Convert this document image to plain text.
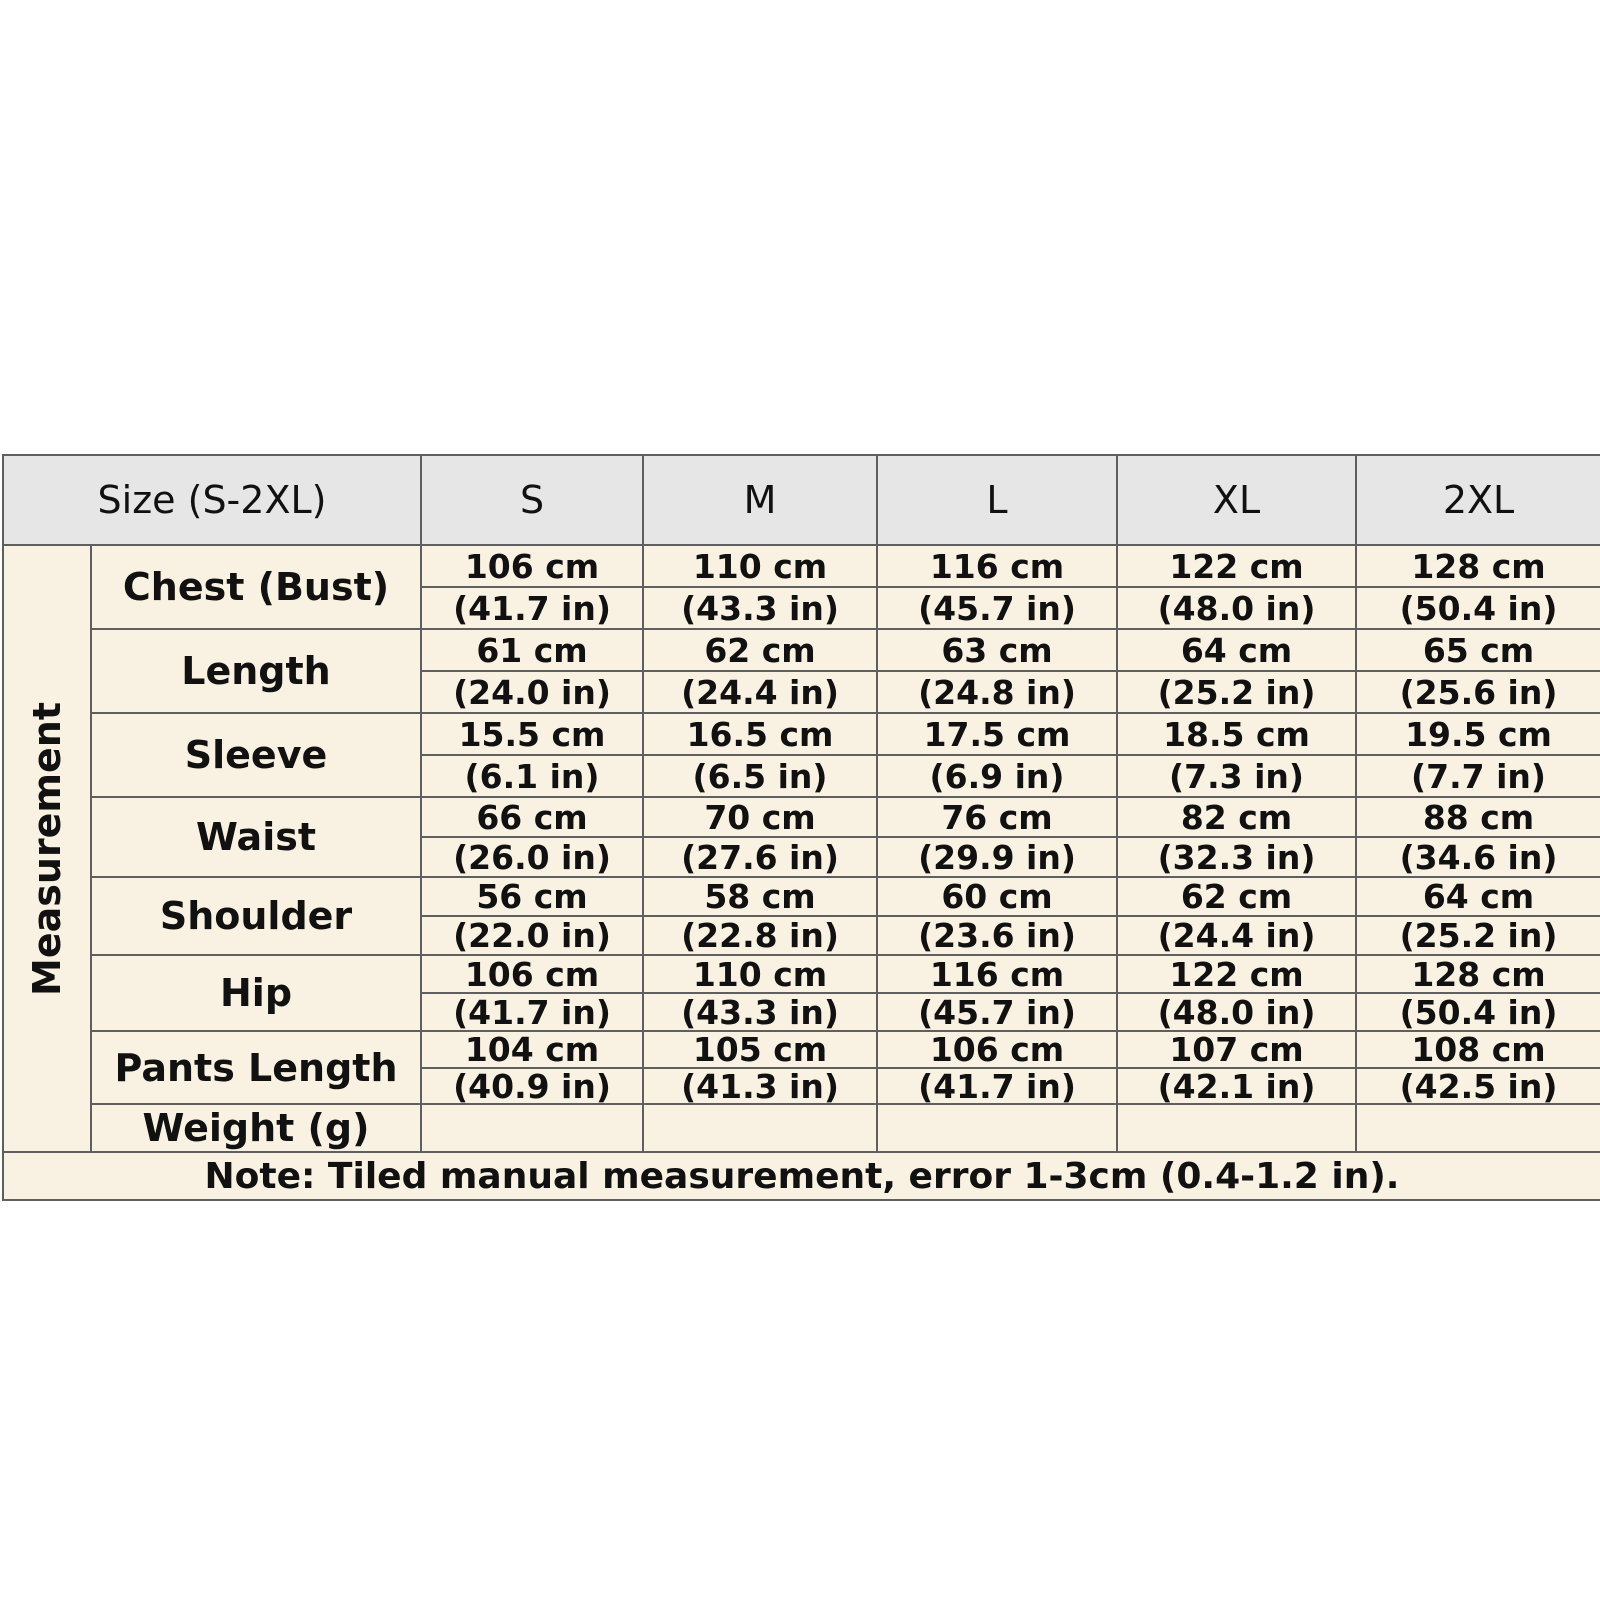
Size (S-2XL)		S	M	L	XL	2XL

Measurement	Chest (Bust)	106 cm	110 cm	116 cm	122 cm	128 cm
		(41.7 in)	(43.3 in)	(45.7 in)	(48.0 in)	(50.4 in)
	Length	61 cm	62 cm	63 cm	64 cm	65 cm
		(24.0 in)	(24.4 in)	(24.8 in)	(25.2 in)	(25.6 in)
	Sleeve	15.5 cm	16.5 cm	17.5 cm	18.5 cm	19.5 cm
		(6.1 in)	(6.5 in)	(6.9 in)	(7.3 in)	(7.7 in)
	Waist	66 cm	70 cm	76 cm	82 cm	88 cm
		(26.0 in)	(27.6 in)	(29.9 in)	(32.3 in)	(34.6 in)
	Shoulder	56 cm	58 cm	60 cm	62 cm	64 cm
		(22.0 in)	(22.8 in)	(23.6 in)	(24.4 in)	(25.2 in)
	Hip	106 cm	110 cm	116 cm	122 cm	128 cm
		(41.7 in)	(43.3 in)	(45.7 in)	(48.0 in)	(50.4 in)
	Pants Length	104 cm	105 cm	106 cm	107 cm	108 cm
		(40.9 in)	(41.3 in)	(41.7 in)	(42.1 in)	(42.5 in)
	Weight (g)					
Note: Tiled manual measurement, error 1-3cm (0.4-1.2 in).						
